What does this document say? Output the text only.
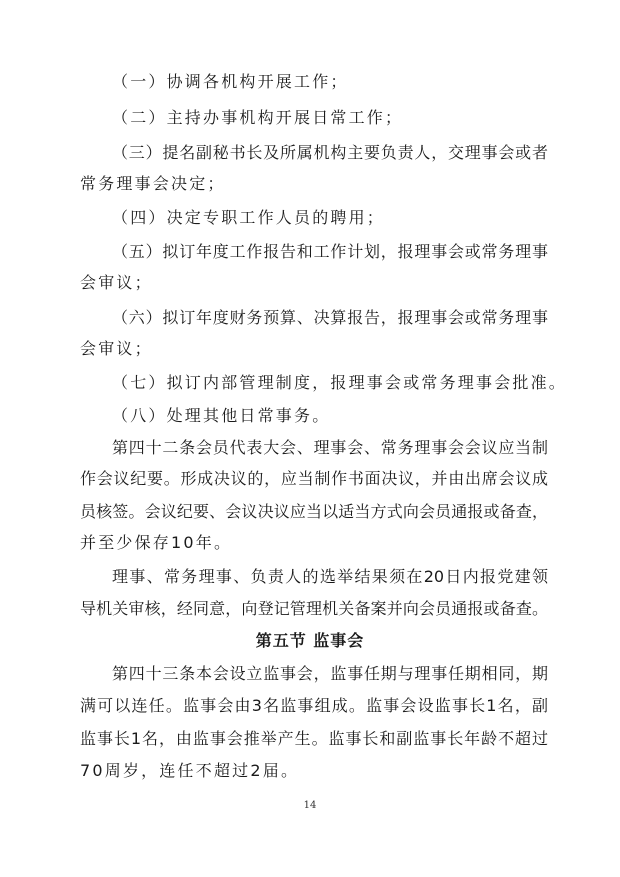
（一）协调各机构开展工作；
（二）主持办事机构开展日常工作；
（三）提名副秘书长及所属机构主要负责人，交理事会或者
常务理事会决定；
（四）决定专职工作人员的聘用；
（五）拟订年度工作报告和工作计划，报理事会或常务理事
会审议；
（六）拟订年度财务预算、决算报告，报理事会或常务理事
会审议；
（七）拟订内部管理制度，报理事会或常务理事会批准。
（八）处理其他日常事务。
第四十二条会员代表大会、理事会、常务理事会会议应当制
作会议纪要。形成决议的，应当制作书面决议，并由出席会议成
员核签。会议纪要、会议决议应当以适当方式向会员通报或备查，
并至少保存10年。
理事、常务理事、负责人的选举结果须在20日内报党建领
导机关审核，经同意，向登记管理机关备案并向会员通报或备查。
第五节 监事会
第四十三条本会设立监事会，监事任期与理事任期相同，期
满可以连任。监事会由3名监事组成。监事会设监事长1名，副
监事长1名，由监事会推举产生。监事长和副监事长年龄不超过
70周岁，连任不超过2届。
14
